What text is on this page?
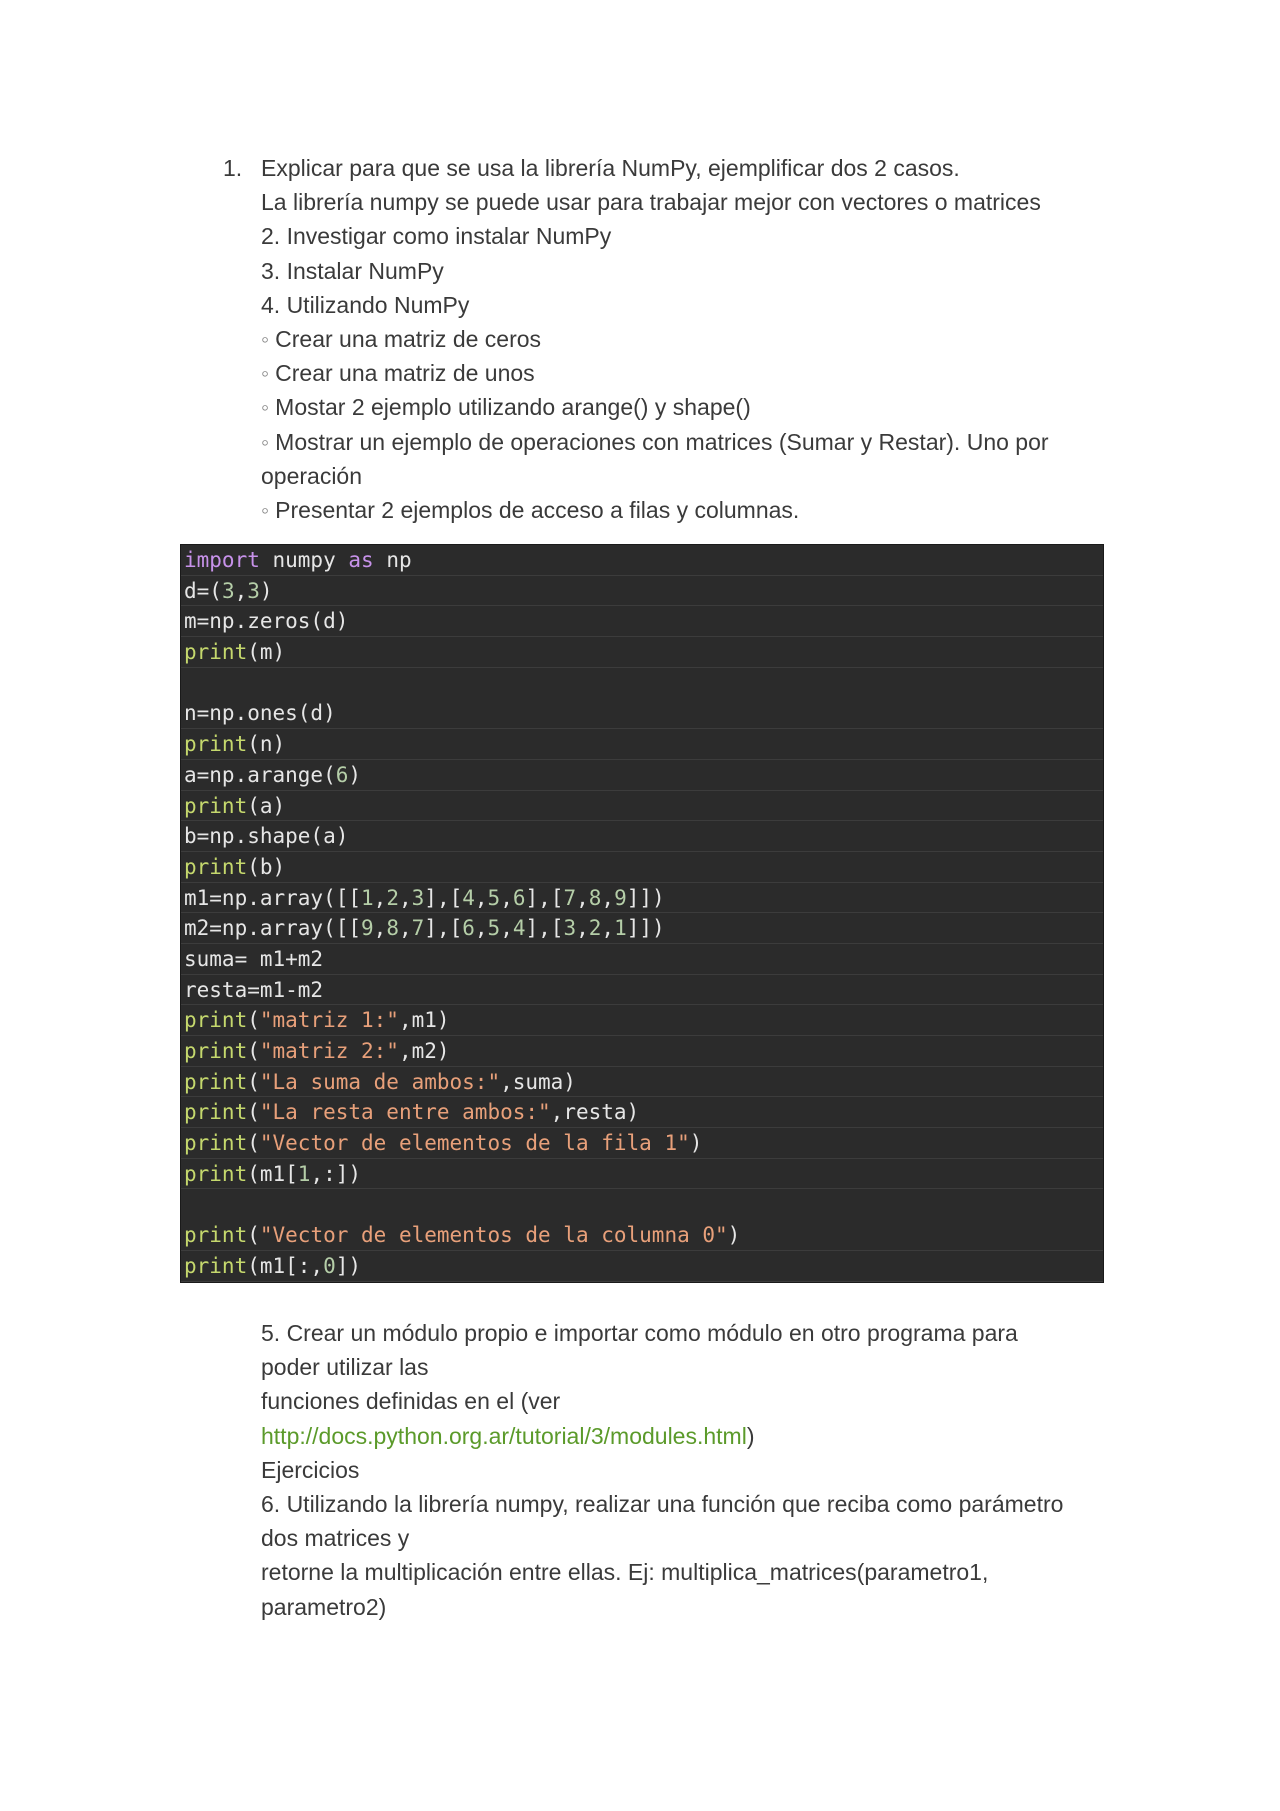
1. Explicar para que se usa la librería NumPy, ejemplificar dos 2 casos.
La librería numpy se puede usar para trabajar mejor con vectores o matrices
2. Investigar como instalar NumPy
3. Instalar NumPy
4. Utilizando NumPy
◦ Crear una matriz de ceros
◦ Crear una matriz de unos
◦ Mostar 2 ejemplo utilizando arange() y shape()
◦ Mostrar un ejemplo de operaciones con matrices (Sumar y Restar). Uno por operación
◦ Presentar 2 ejemplos de acceso a filas y columnas.
import numpy as np
d=(3,3)
m=np.zeros(d)
print(m)
n=np.ones(d)
print(n)
a=np.arange(6)
print(a)
b=np.shape(a)
print(b)
m1=np.array([[1,2,3],[4,5,6],[7,8,9]])
m2=np.array([[9,8,7],[6,5,4],[3,2,1]])
suma= m1+m2
resta=m1-m2
print("matriz 1:",m1)
print("matriz 2:",m2)
print("La suma de ambos:",suma)
print("La resta entre ambos:",resta)
print("Vector de elementos de la fila 1")
print(m1[1,:])
print("Vector de elementos de la columna 0")
print(m1[:,0])
5. Crear un módulo propio e importar como módulo en otro programa para
poder utilizar las
funciones definidas en el (ver
http://docs.python.org.ar/tutorial/3/modules.html)
Ejercicios
6. Utilizando la librería numpy, realizar una función que reciba como parámetro
dos matrices y
retorne la multiplicación entre ellas. Ej: multiplica_matrices(parametro1,
parametro2)
